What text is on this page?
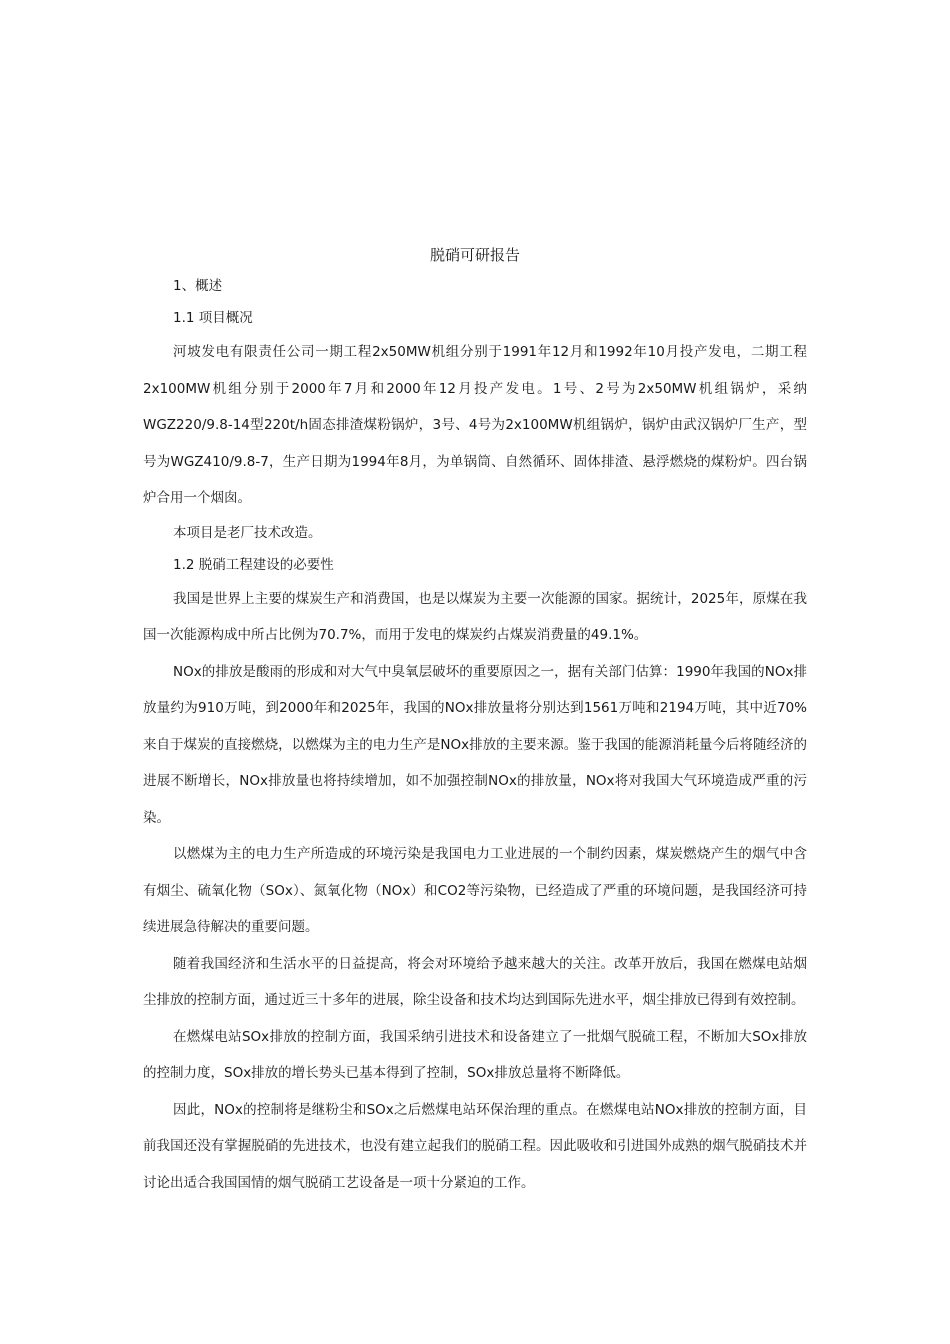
脱硝可研报告

1、概述

1.1 项目概况

河坡发电有限责任公司一期工程2x50MW机组分别于1991年12月和1992年10月投产发电，二期工程2x100MW机组分别于2000年7月和2000年12月投产发电。1号、2号为2x50MW机组锅炉，采纳WGZ220/9.8-14型220t/h固态排渣煤粉锅炉，3号、4号为2x100MW机组锅炉，锅炉由武汉锅炉厂生产，型号为WGZ410/9.8-7，生产日期为1994年8月，为单锅筒、自然循环、固体排渣、悬浮燃烧的煤粉炉。四台锅炉合用一个烟囱。

本项目是老厂技术改造。

1.2 脱硝工程建设的必要性

我国是世界上主要的煤炭生产和消费国，也是以煤炭为主要一次能源的国家。据统计，2025年，原煤在我国一次能源构成中所占比例为70.7%，而用于发电的煤炭约占煤炭消费量的49.1%。

NOx的排放是酸雨的形成和对大气中臭氧层破坏的重要原因之一，据有关部门估算：1990年我国的NOx排放量约为910万吨，到2000年和2025年，我国的NOx排放量将分别达到1561万吨和2194万吨，其中近70%来自于煤炭的直接燃烧，以燃煤为主的电力生产是NOx排放的主要来源。鉴于我国的能源消耗量今后将随经济的进展不断增长，NOx排放量也将持续增加，如不加强控制NOx的排放量，NOx将对我国大气环境造成严重的污染。

以燃煤为主的电力生产所造成的环境污染是我国电力工业进展的一个制约因素，煤炭燃烧产生的烟气中含有烟尘、硫氧化物（SOx）、氮氧化物（NOx）和CO2等污染物，已经造成了严重的环境问题，是我国经济可持续进展急待解决的重要问题。

随着我国经济和生活水平的日益提高，将会对环境给予越来越大的关注。改革开放后，我国在燃煤电站烟尘排放的控制方面，通过近三十多年的进展，除尘设备和技术均达到国际先进水平，烟尘排放已得到有效控制。

在燃煤电站SOx排放的控制方面，我国采纳引进技术和设备建立了一批烟气脱硫工程，不断加大SOx排放的控制力度，SOx排放的增长势头已基本得到了控制，SOx排放总量将不断降低。

因此，NOx的控制将是继粉尘和SOx之后燃煤电站环保治理的重点。在燃煤电站NOx排放的控制方面，目前我国还没有掌握脱硝的先进技术，也没有建立起我们的脱硝工程。因此吸收和引进国外成熟的烟气脱硝技术并讨论出适合我国国情的烟气脱硝工艺设备是一项十分紧迫的工作。
